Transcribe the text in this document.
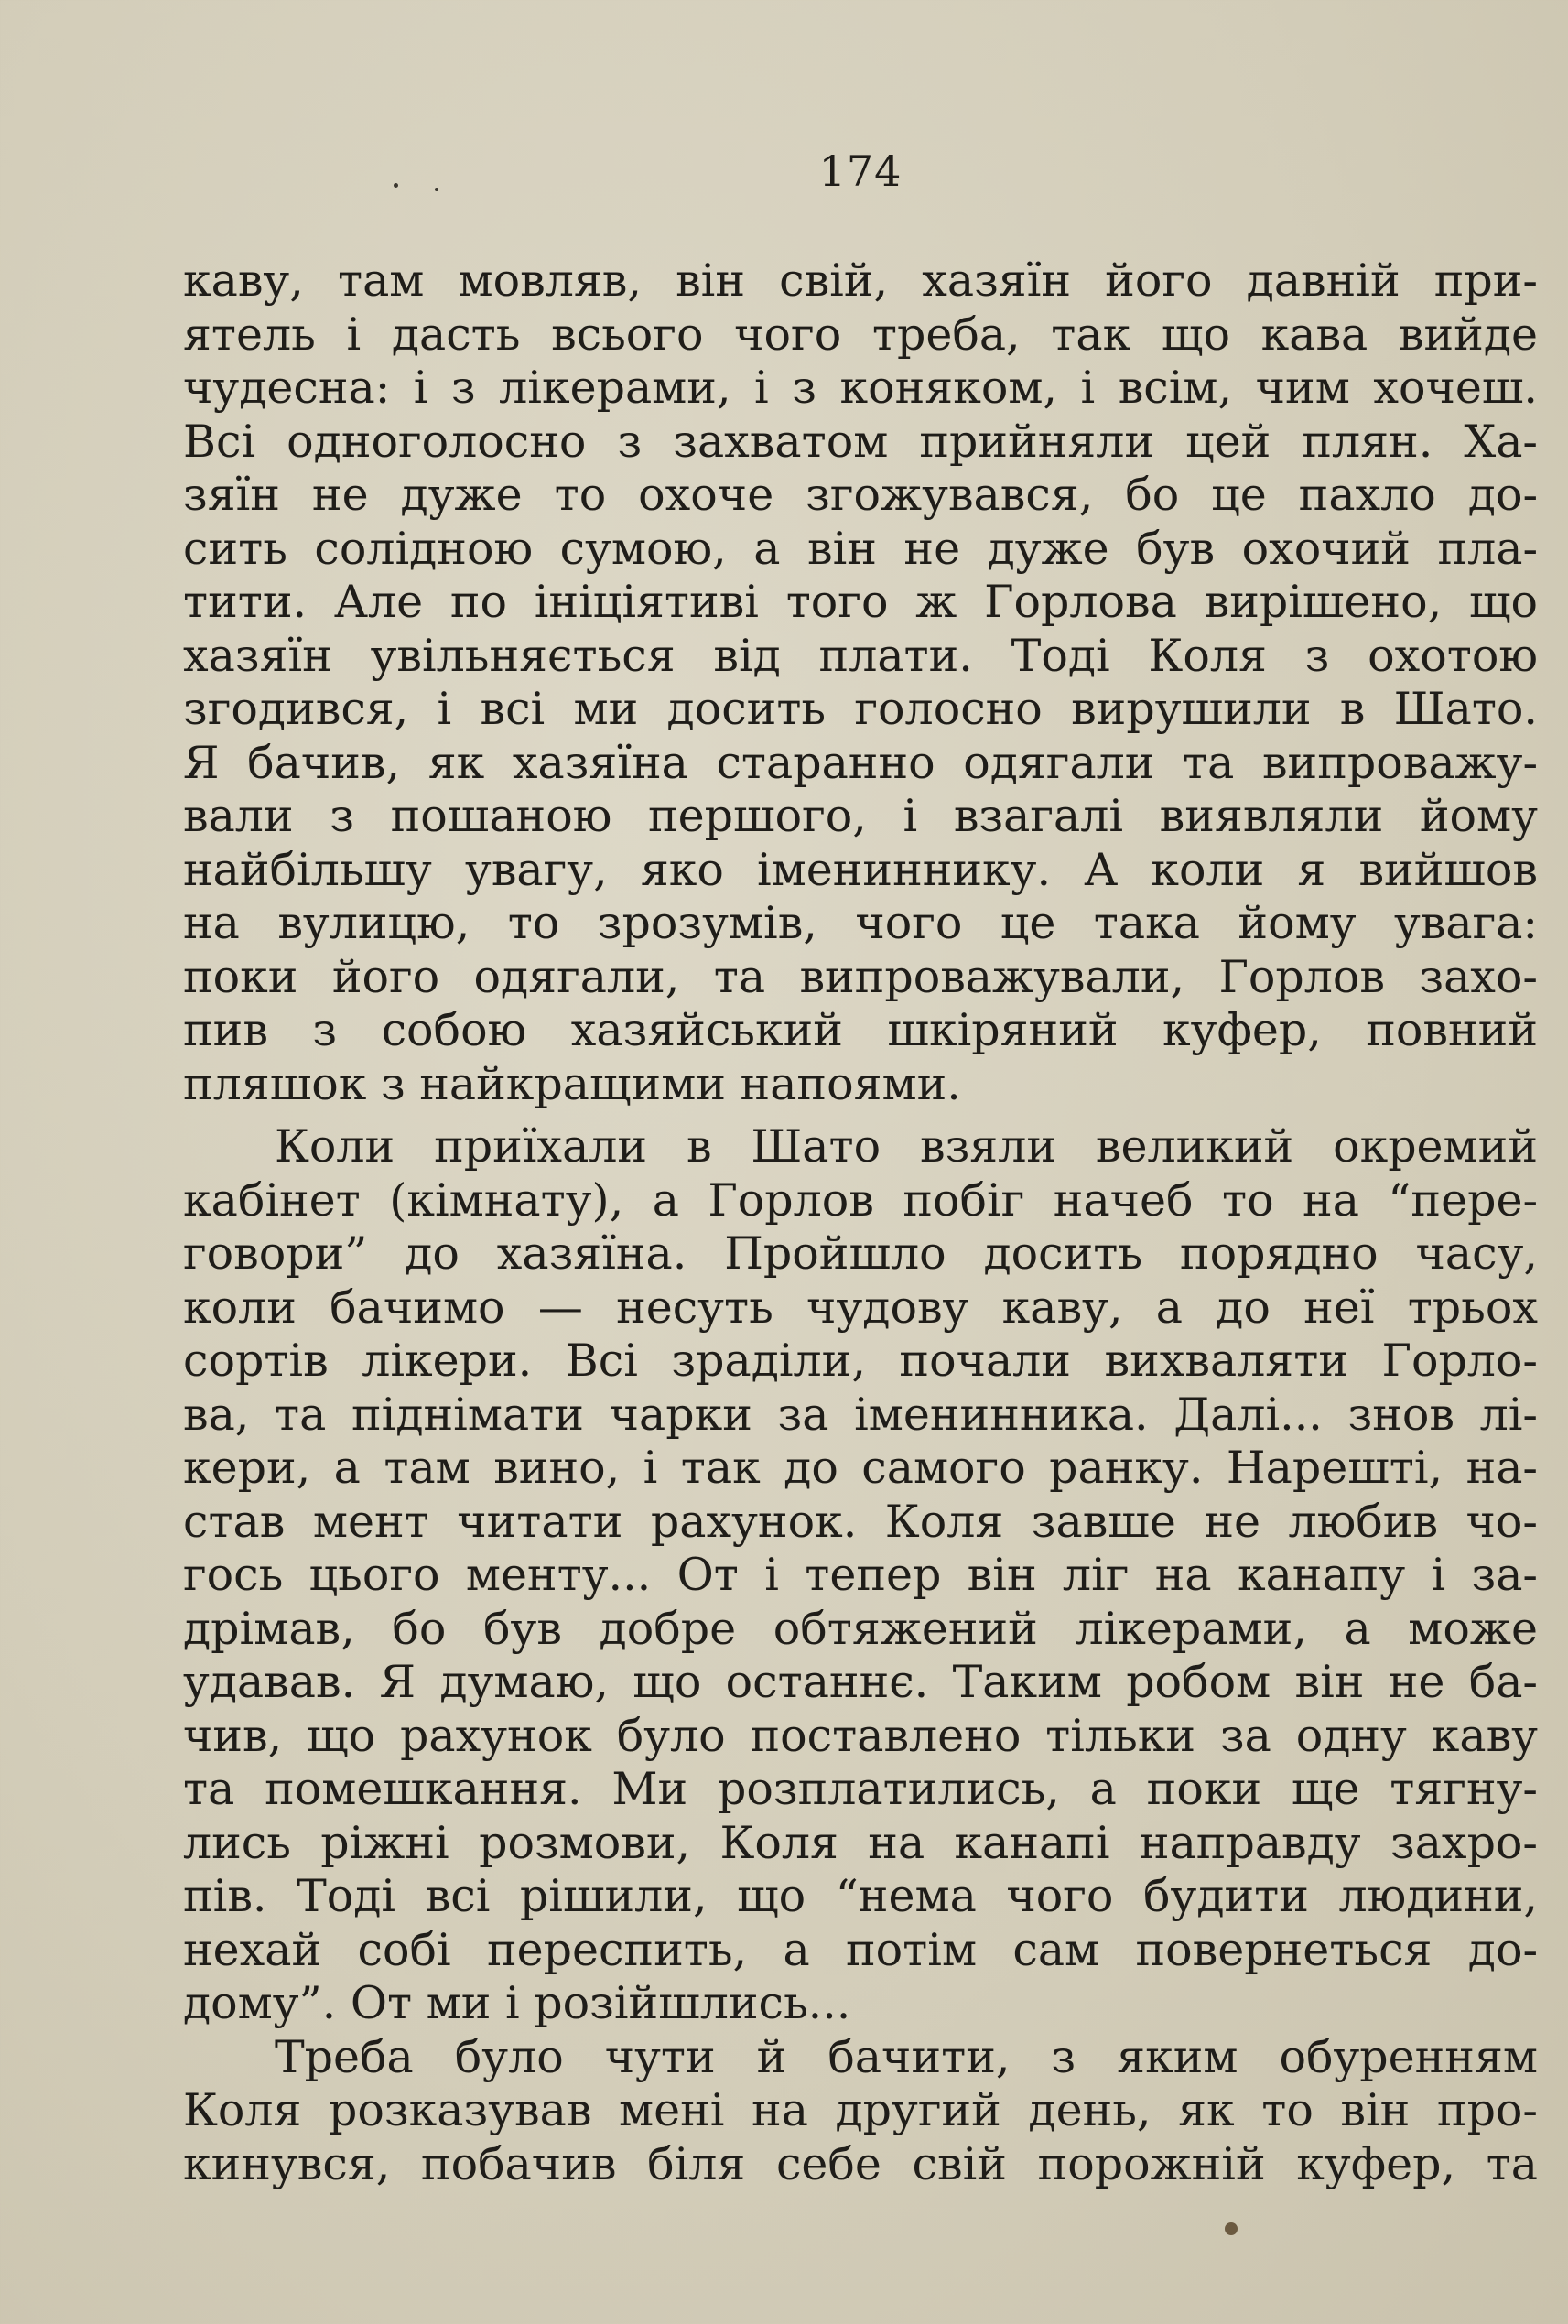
174
каву, там мовляв, він свій, хазяїн його давній при-
ятель і дасть всього чого треба, так що кава вийде
чудесна: і з лікерами, і з коняком, і всім, чим хочеш.
Всі одноголосно з захватом прийняли цей плян. Ха-
зяїн не дуже то охоче згожувався, бо це пахло до-
сить солідною сумою, а він не дуже був охочий пла-
тити. Але по ініціятиві того ж Горлова вирішено, що
хазяїн увільняється від плати. Тоді Коля з охотою
згодився, і всі ми досить голосно вирушили в Шато.
Я бачив, як хазяїна старанно одягали та випроважу-
вали з пошаною першого, і взагалі виявляли йому
найбільшу увагу, яко імениннику. А коли я вийшов
на вулицю, то зрозумів, чого це така йому увага:
поки його одягали, та випроважували, Горлов захо-
пив з собою хазяйський шкіряний куфер, повний
пляшок з найкращими напоями.
Коли приїхали в Шато взяли великий окремий
кабінет (кімнату), а Горлов побіг начеб то на “пере-
говори” до хазяїна. Пройшло досить порядно часу,
коли бачимо — несуть чудову каву, а до неї трьох
сортів лікери. Всі зраділи, почали вихваляти Горло-
ва, та піднімати чарки за іменинника. Далі... знов лі-
кери, а там вино, і так до самого ранку. Нарешті, на-
став мент читати рахунок. Коля завше не любив чо-
гось цього менту... От і тепер він ліг на канапу і за-
дрімав, бо був добре обтяжений лікерами, а може
удавав. Я думаю, що останнє. Таким робом він не ба-
чив, що рахунок було поставлено тільки за одну каву
та помешкання. Ми розплатились, а поки ще тягну-
лись ріжні розмови, Коля на канапі направду захро-
пів. Тоді всі рішили, що “нема чого будити людини,
нехай собі переспить, а потім сам повернеться до-
дому”. От ми і розійшлись...
Треба було чути й бачити, з яким обуренням
Коля розказував мені на другий день, як то він про-
кинувся, побачив біля себе свій порожній куфер, та
